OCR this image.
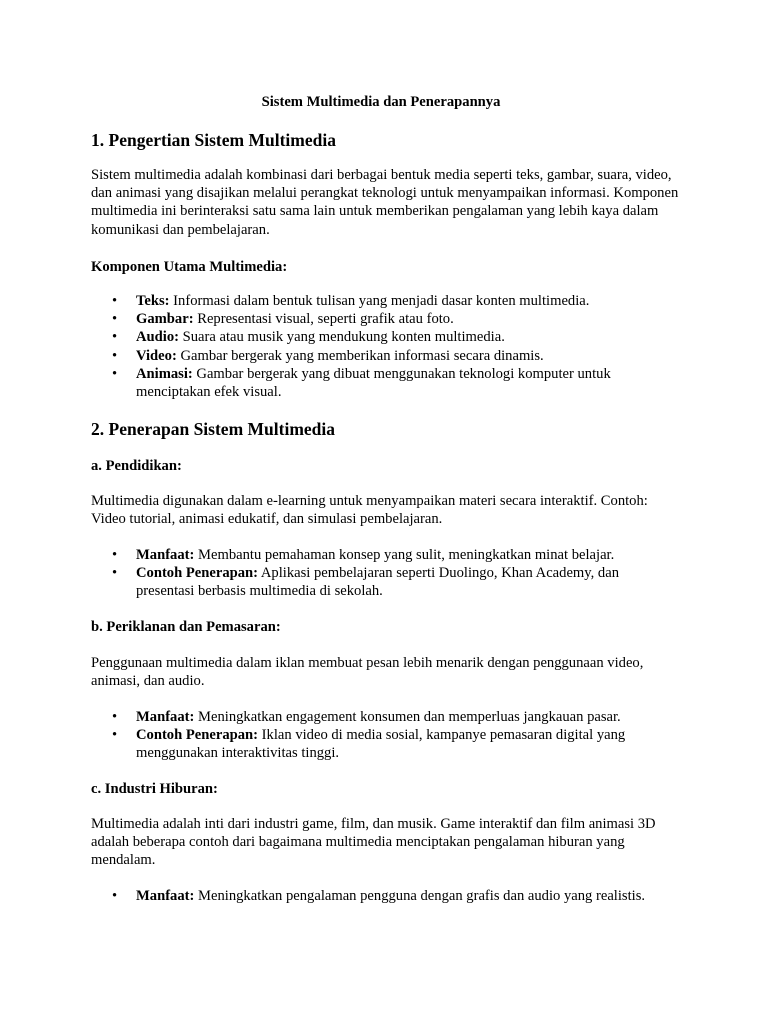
Sistem Multimedia dan Penerapannya

1. Pengertian Sistem Multimedia

Sistem multimedia adalah kombinasi dari berbagai bentuk media seperti teks, gambar, suara, video, dan animasi yang disajikan melalui perangkat teknologi untuk menyampaikan informasi. Komponen multimedia ini berinteraksi satu sama lain untuk memberikan pengalaman yang lebih kaya dalam komunikasi dan pembelajaran.

Komponen Utama Multimedia:

• Teks: Informasi dalam bentuk tulisan yang menjadi dasar konten multimedia.
• Gambar: Representasi visual, seperti grafik atau foto.
• Audio: Suara atau musik yang mendukung konten multimedia.
• Video: Gambar bergerak yang memberikan informasi secara dinamis.
• Animasi: Gambar bergerak yang dibuat menggunakan teknologi komputer untuk menciptakan efek visual.

2. Penerapan Sistem Multimedia

a. Pendidikan:

Multimedia digunakan dalam e-learning untuk menyampaikan materi secara interaktif. Contoh: Video tutorial, animasi edukatif, dan simulasi pembelajaran.

• Manfaat: Membantu pemahaman konsep yang sulit, meningkatkan minat belajar.
• Contoh Penerapan: Aplikasi pembelajaran seperti Duolingo, Khan Academy, dan presentasi berbasis multimedia di sekolah.

b. Periklanan dan Pemasaran:

Penggunaan multimedia dalam iklan membuat pesan lebih menarik dengan penggunaan video, animasi, dan audio.

• Manfaat: Meningkatkan engagement konsumen dan memperluas jangkauan pasar.
• Contoh Penerapan: Iklan video di media sosial, kampanye pemasaran digital yang menggunakan interaktivitas tinggi.

c. Industri Hiburan:

Multimedia adalah inti dari industri game, film, dan musik. Game interaktif dan film animasi 3D adalah beberapa contoh dari bagaimana multimedia menciptakan pengalaman hiburan yang mendalam.

• Manfaat: Meningkatkan pengalaman pengguna dengan grafis dan audio yang realistis.
